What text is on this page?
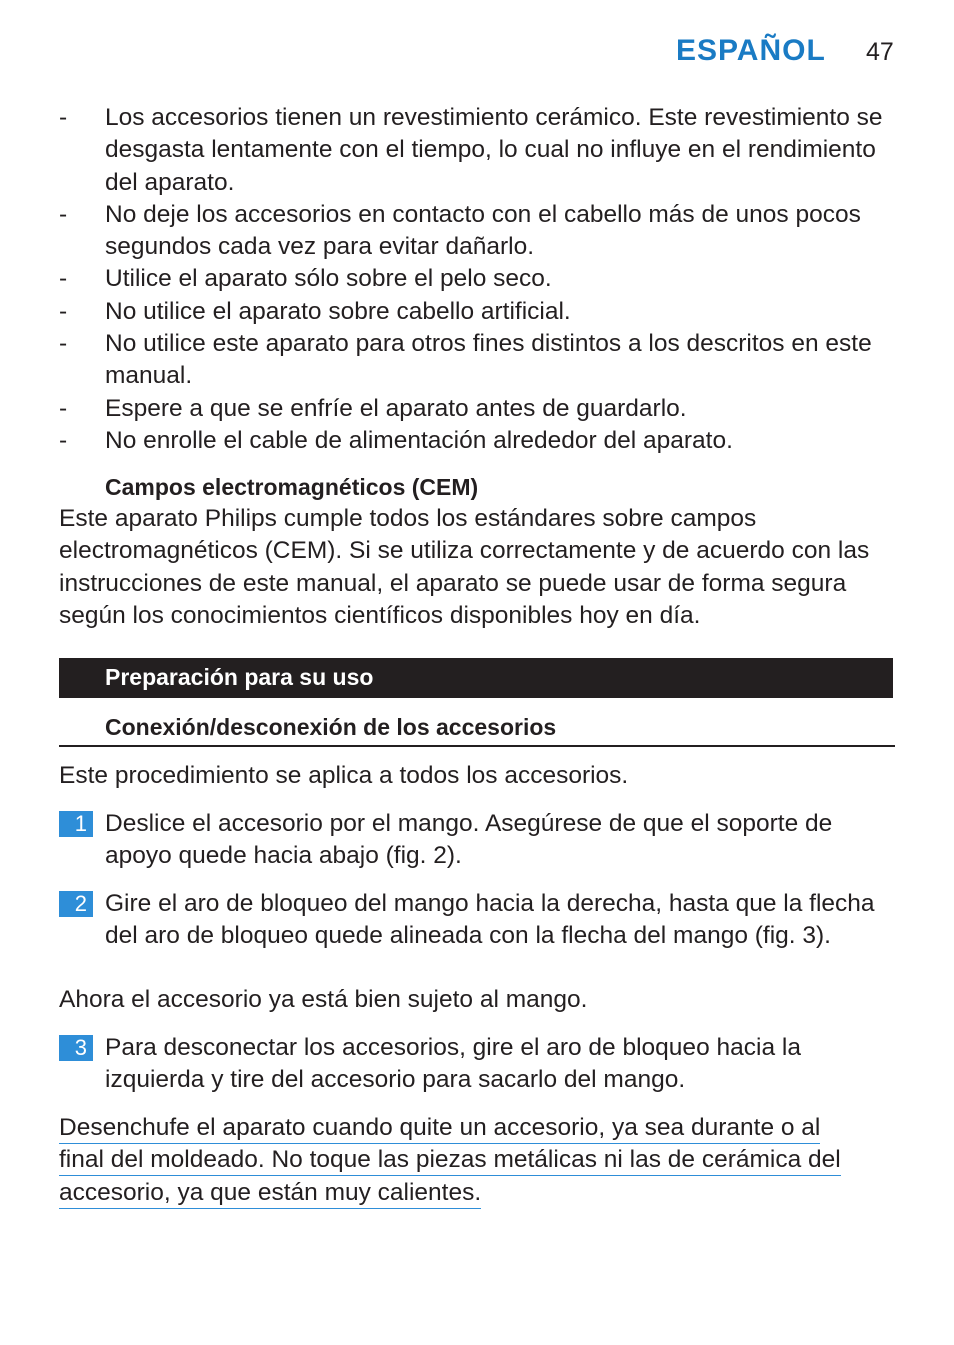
ESPAÑOL 47
-	Los accesorios tienen un revestimiento cerámico. Este revestimiento se desgasta lentamente con el tiempo, lo cual no influye en el rendimiento del aparato.
-	No deje los accesorios en contacto con el cabello más de unos pocos segundos cada vez para evitar dañarlo.
-	Utilice el aparato sólo sobre el pelo seco.
-	No utilice el aparato sobre cabello artificial.
-	No utilice este aparato para otros fines distintos a los descritos en este manual.
-	Espere a que se enfríe el aparato antes de guardarlo.
-	No enrolle el cable de alimentación alrededor del aparato.
Campos electromagnéticos (CEM)
Este aparato Philips cumple todos los estándares sobre campos electromagnéticos (CEM). Si se utiliza correctamente y de acuerdo con las instrucciones de este manual, el aparato se puede usar de forma segura según los conocimientos científicos disponibles hoy en día.
Preparación para su uso
Conexión/desconexión de los accesorios
Este procedimiento se aplica a todos los accesorios.
1 Deslice el accesorio por el mango. Asegúrese de que el soporte de apoyo quede hacia abajo (fig. 2).
2 Gire el aro de bloqueo del mango hacia la derecha, hasta que la flecha del aro de bloqueo quede alineada con la flecha del mango (fig. 3).
Ahora el accesorio ya está bien sujeto al mango.
3 Para desconectar los accesorios, gire el aro de bloqueo hacia la izquierda y tire del accesorio para sacarlo del mango.
Desenchufe el aparato cuando quite un accesorio, ya sea durante o al
final del moldeado. No toque las piezas metálicas ni las de cerámica del
accesorio, ya que están muy calientes.
